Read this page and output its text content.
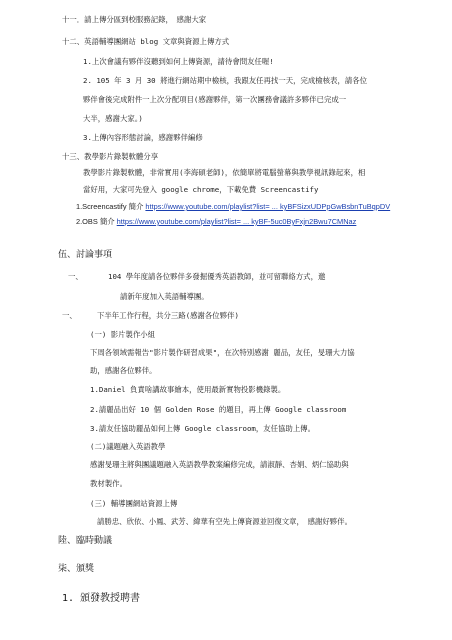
十一．請上傳分區到校服務記錄，　感謝大家
十二、英語輔導團網站 blog 文章與資源上傳方式
1.上次會議有夥伴沒聽到如何上傳資源，請待會問友任喔!
2. 105 年 3 月 30 將進行網站期中檢核，我跟友任再找一天，完成檢核表，請各位
夥伴會後完成附件一上次分配項目(感謝夥伴，第一次團務會議許多夥伴已完成一
大半，感謝大家。)
3.上傳內容形態討論，感謝夥伴編修
十三、教學影片錄製軟體分享
教學影片錄製軟體，非常實用(李海碩老師)，依簡單將電腦螢幕與教學視訊錄起來，相
當好用，大家可先登入 google chrome，下載免費 Screencastify
1.Screencastify 簡介 https://www.youtube.com/playlist?list= ... kyBFSizxUDPpGwBsbnTuBqpDV
2.OBS 簡介 https://www.youtube.com/playlist?list= ... kyBF-5uc0ByFxjn2Bwu7CMNaz
伍、討論事項
一、	104 學年度請各位夥伴多發掘優秀英語教師，並可留聯絡方式，邀
請新年度加入英語輔導團。
一、	下半年工作行程，共分三路(感謝各位夥伴)
(一) 影片製作小組
下周各領域需報告"影片製作研習成果"，在次特別感謝 麗品，友任，旻珊大力協
助，感謝各位夥伴。
1.Daniel 負責啥講故事繪本，使用最新實物投影機錄製。
2.請麗品出好 10 個 Golden Rose 的題目，再上傳 Google classroom
3.請友任協助麗品如何上傳 Google classroom，友任協助上傳。
(二)議題融入英語教學
感謝旻珊主將與團議題融入英語教學教案編修完成，請淑靜、杏娟、炳仁協助與
教材製作。
(三) 輔導團網站資源上傳
請勝忠、欣依、小鳳、武芳、緯華有空先上傳資源並回復文章，　感謝好夥伴。
陸、臨時動議
柒、頒獎
1. 頒發教授聘書
